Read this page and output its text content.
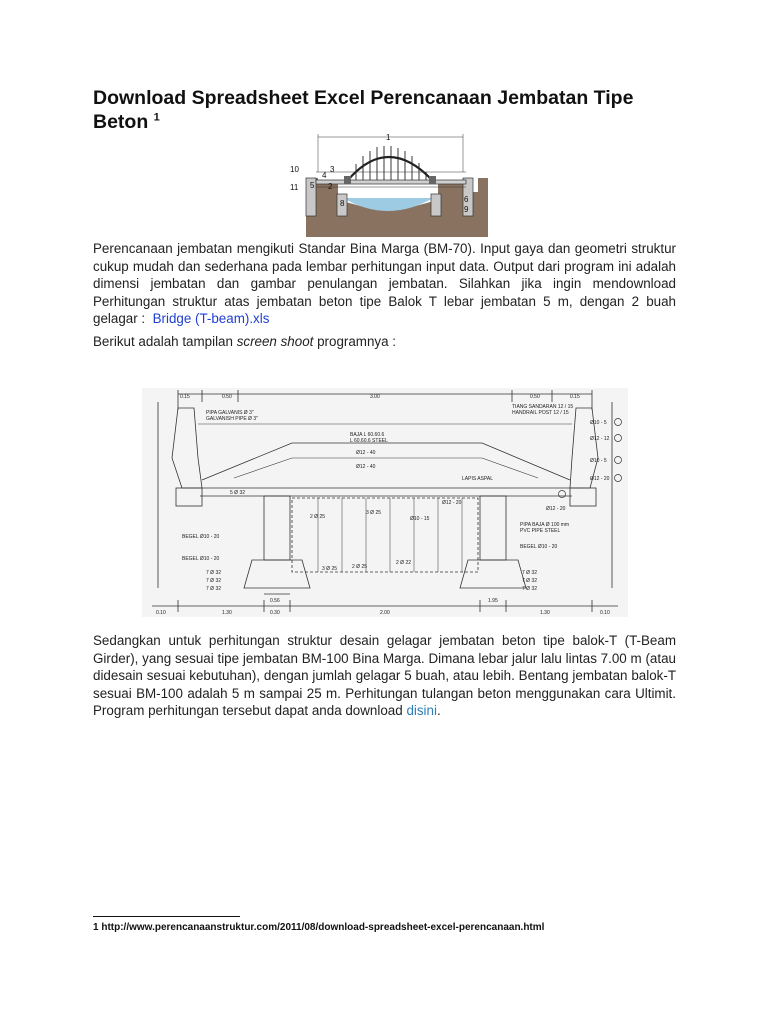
Download Spreadsheet Excel Perencanaan Jembatan Tipe Beton $^1$
1
10
11
3
4
5 2
8	6
9

Perencanaan jembatan mengikuti Standar Bina Marga (BM-70). Input gaya dan geometri struktur cukup mudah dan sederhana pada lembar perhitungan input data. Output dari program ini adalah dimensi jembatan dan gambar penulangan jembatan. Silahkan jika ingin mendownload Perhitungan struktur atas jembatan beton tipe Balok T lebar jembatan 5 m, dengan 2 buah gelagar : Bridge (T-beam).xls

Berikut adalah tampilan screen shoot programnya :

0.50	3.00	0.50
0.15	0.15
0.10	1.30
0.56
0.30	2.00
1.95
1.30	0.10
PIPA GALVANIS Ø 3"
GALVANISH PIPE Ø 3"
5 Ø 32
BEGEL Ø10 - 20
BEGEL Ø10 - 20
7 Ø 32
7 Ø 32
7 Ø 32
TIANG SANDARAN 12 / 15
HANDRAIL POST 12 / 15
Ø10 - 5
Ø12 - 12
Ø10 - 5
Ø12 - 20
Ø12 - 20
PIPA BAJA Ø 100 mm
PVC PIPE STEEL
BEGEL Ø10 - 20
7 Ø 32
7 Ø 32
7 Ø 32
BAJA L 60.60.6
L 60.60.6 STEEL
Ø12 - 40
Ø12 - 40
LAPIS ASPAL
2 Ø 25
3 Ø 25
Ø10 - 15
2 Ø 25
3 Ø 25
Ø12 - 20
2 Ø 22

Sedangkan untuk perhitungan struktur desain gelagar jembatan beton tipe balok-T (T-Beam Girder), yang sesuai tipe jembatan BM-100 Bina Marga. Dimana lebar jalur lalu lintas 7.00 m (atau didesain sesuai kebutuhan), dengan jumlah gelagar 5 buah, atau lebih. Bentang jembatan balok-T sesuai BM-100 adalah 5 m sampai 25 m. Perhitungan tulangan beton menggunakan cara Ultimit. Program perhitungan tersebut dapat anda download disini.

1 http://www.perencanaanstruktur.com/2011/08/download-spreadsheet-excel-perencanaan.html
